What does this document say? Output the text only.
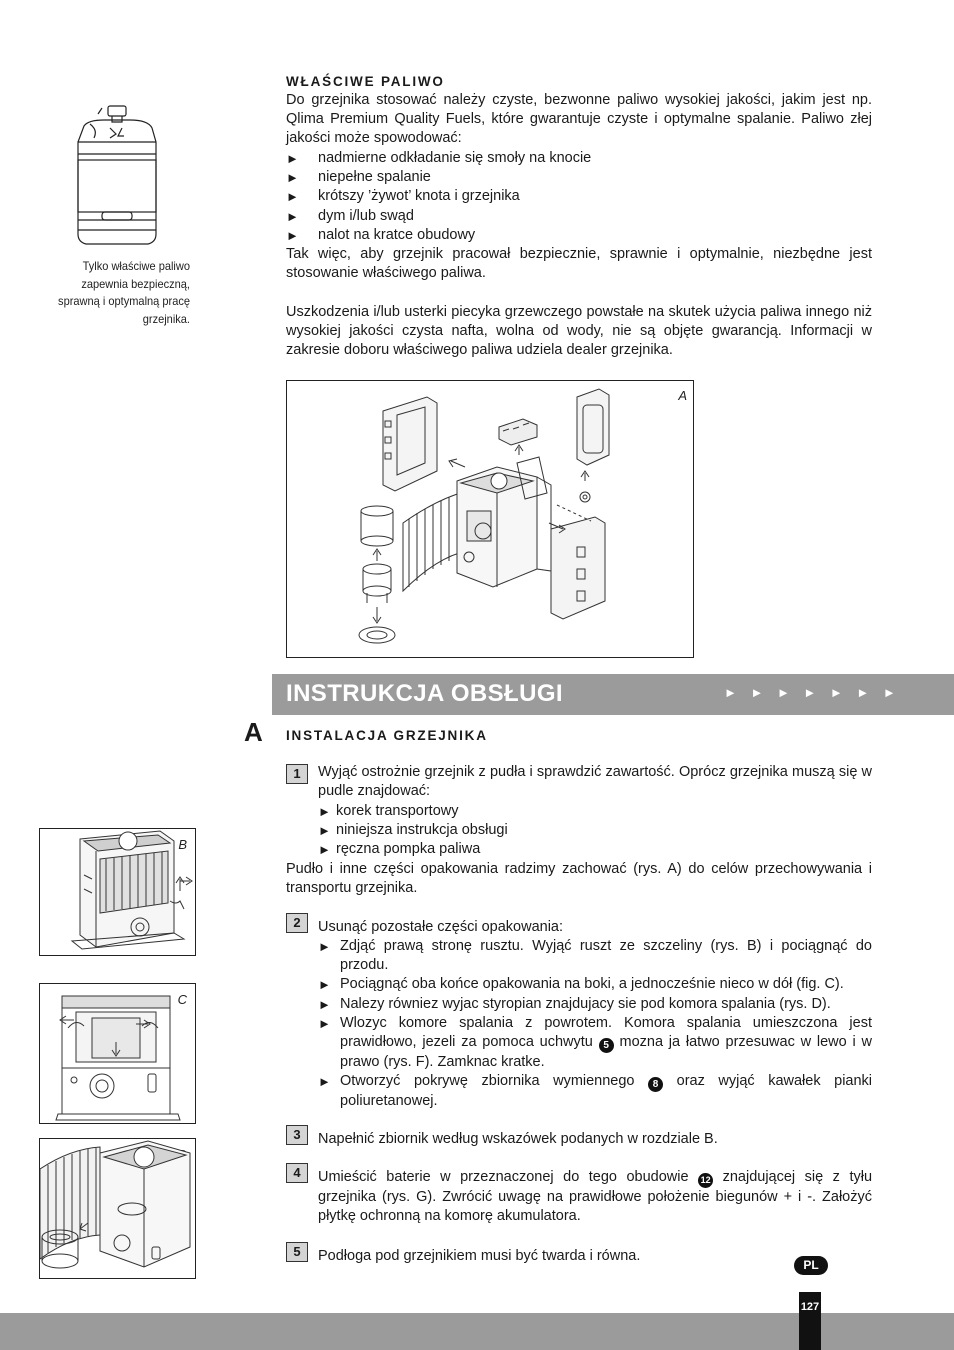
Tylko właściwe paliwo zapewnia bezpieczną, sprawną i optymalną pracę grzejnika.
WŁAŚCIWE PALIWO
Do grzejnika stosować należy czyste, bezwonne paliwo wysokiej jakości, jakim jest np. Qlima Premium Quality Fuels, które gwarantuje czyste i optymalne spalanie. Paliwo złej jakości może spowodować:
►	nadmierne odkładanie się smoły na knocie
►	niepełne spalanie
►	krótszy ’żywot’ knota i grzejnika
►	dym i/lub swąd
►	nalot na kratce obudowy
Tak więc, aby grzejnik pracował bezpiecznie, sprawnie i optymalnie, niezbędne jest stosowanie właściwego paliwa.
Uszkodzenia i/lub usterki piecyka grzewczego powstałe na skutek użycia paliwa innego niż wysokiej jakości czysta nafta, wolna od wody, nie są objęte gwarancją. Informacji w zakresie doboru właściwego paliwa udziela dealer grzejnika.
A
INSTRUKCJA OBSŁUGI	► ► ► ► ► ► ►
A INSTALACJA GRZEJNIKA
1	Wyjąć ostrożnie grzejnik z pudła i sprawdzić zawartość. Oprócz grzejnika muszą się w pudle znajdować:
► korek transportowy
► niniejsza instrukcja obsługi
► ręczna pompka paliwa
Pudło i inne części opakowania radzimy zachować (rys. A) do celów przechowywania i transportu grzejnika.
2	Usunąć pozostałe części opakowania:
► Zdjąć prawą stronę rusztu. Wyjąć ruszt ze szczeliny (rys. B) i pociągnąć do przodu.
► Pociągnąć oba końce opakowania na boki, a jednocześnie nieco w dół (fig. C).
► Nalezy równiez wyjac styropian znajdujacy sie pod komora spalania (rys. D).
► Wlozyc komore spalania z powrotem. Komora spalania umieszczona jest prawidłowo, jezeli za pomoca uchwytu 5 mozna ja łatwo przesuwac w lewo i w prawo (rys. F). Zamknac kratke.
► Otworzyć pokrywę zbiornika wymiennego 8 oraz wyjąć kawałek pianki poliuretanowej.
3	Napełnić zbiornik według wskazówek podanych w rozdziale B.
4	Umieścić baterie w przeznaczonej do tego obudowie 12 znajdującej się z tyłu grzejnika (rys. G). Zwrócić uwagę na prawidłowe położenie biegunów + i -. Założyć płytkę ochronną na komorę akumulatora.
5	Podłoga pod grzejnikiem musi być twarda i równa.
B
C
PL
127
